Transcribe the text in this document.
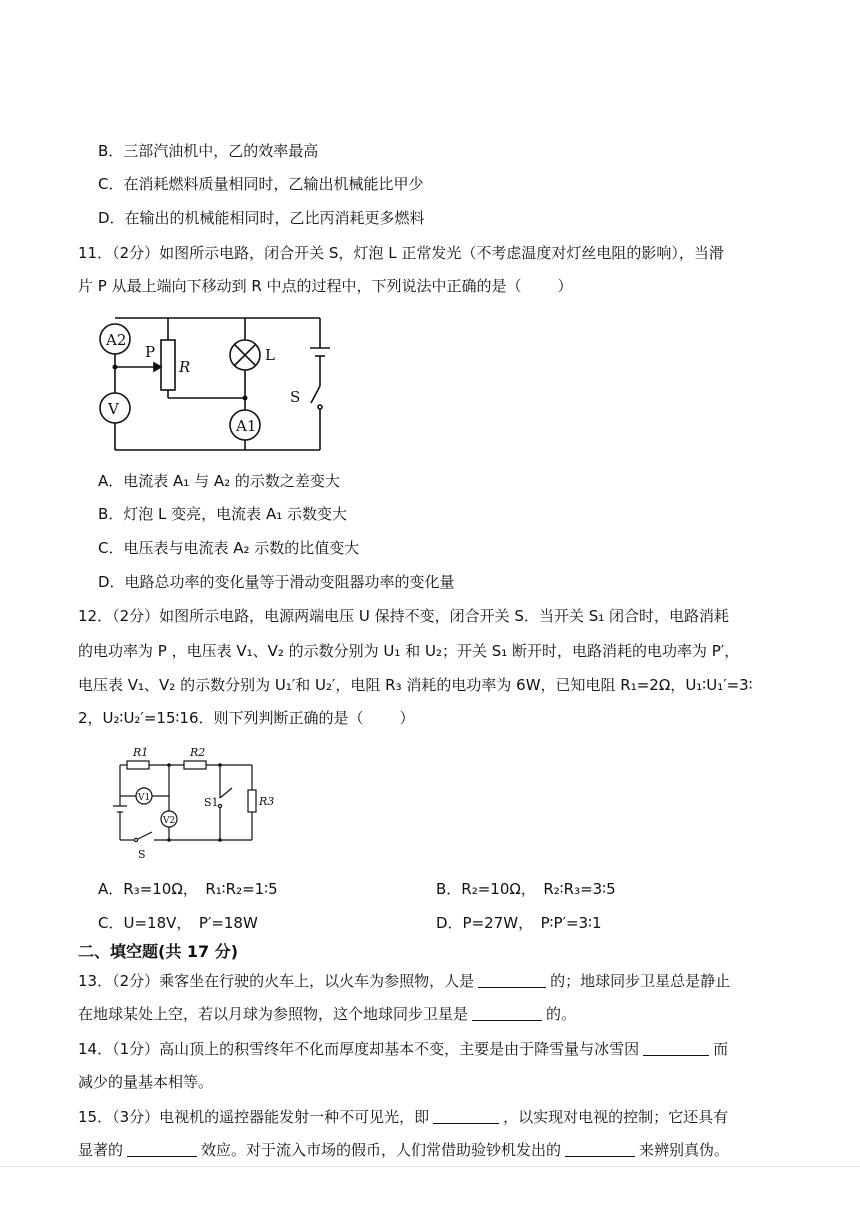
B．三部汽油机中，乙的效率最高
C．在消耗燃料质量相同时，乙输出机械能比甲少
D．在输出的机械能相同时，乙比丙消耗更多燃料
11．（2分）如图所示电路，闭合开关 S，灯泡 L 正常发光（不考虑温度对灯丝电阻的影响），当滑
片 P 从最上端向下移动到 R 中点的过程中，下列说法中正确的是（ ）
A2
V
P
R
L
S
A1
A．电流表 A₁ 与 A₂ 的示数之差变大
B．灯泡 L 变亮，电流表 A₁ 示数变大
C．电压表与电流表 A₂ 示数的比值变大
D．电路总功率的变化量等于滑动变阻器功率的变化量
12．（2分）如图所示电路，电源两端电压 U 保持不变，闭合开关 S．当开关 S₁ 闭合时，电路消耗
的电功率为 P ，电压表 V₁、V₂ 的示数分别为 U₁ 和 U₂；开关 S₁ 断开时，电路消耗的电功率为 P′，
电压表 V₁、V₂ 的示数分别为 U₁′和 U₂′，电阻 R₃ 消耗的电功率为 6W，已知电阻 R₁=2Ω，U₁∶U₁′=3∶
2，U₂∶U₂′=15∶16．则下列判断正确的是（ ）
R1	R2
R3
V1
V2
S1
S
A．R₃=10Ω，　R₁∶R₂=1∶5	B．R₂=10Ω，　R₂∶R₃=3∶5
C．U=18V，　P′=18W	D．P=27W，　P∶P′=3∶1
二、填空题(共 17 分)
13．（2分）乘客坐在行驶的火车上，以火车为参照物，人是	的；地球同步卫星总是静止
在地球某处上空，若以月球为参照物，这个地球同步卫星是	的。
14．（1分）高山顶上的积雪终年不化而厚度却基本不变，主要是由于降雪量与冰雪因	而
减少的量基本相等。
15．（3分）电视机的遥控器能发射一种不可见光，即	，以实现对电视的控制；它还具有
显著的	效应。对于流入市场的假币，人们常借助验钞机发出的	来辨别真伪。
